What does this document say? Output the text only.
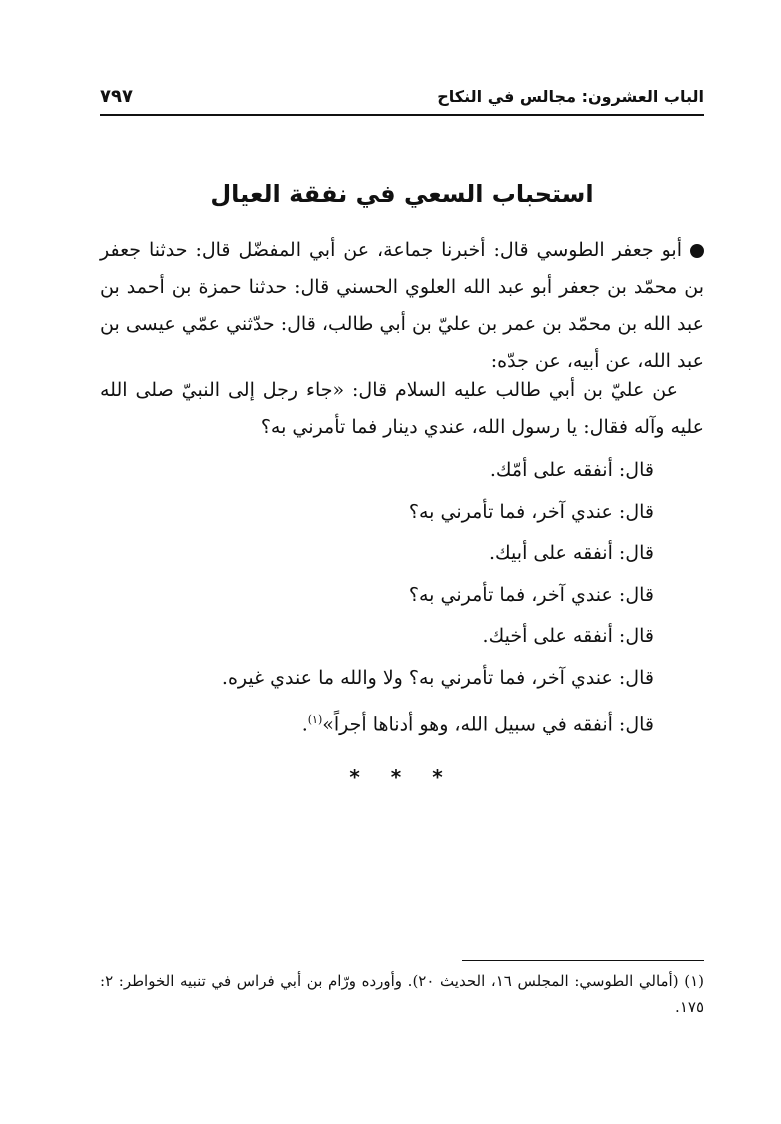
الباب العشرون: مجالس في النكاح
٧٩٧
استحباب السعي في نفقة العيال

أبو جعفر الطوسي قال: أخبرنا جماعة، عن أبي المفضّل قال: حدثنا جعفر بن محمّد بن جعفر أبو عبد الله العلوي الحسني قال: حدثنا حمزة بن أحمد بن عبد الله بن محمّد بن عمر بن عليّ بن أبي طالب، قال: حدّثني عمّي عيسى بن عبد الله، عن أبيه، عن جدّه:

عن عليّ بن أبي طالب عليه السلام قال: «جاء رجل إلى النبيّ صلى الله عليه وآله فقال: يا رسول الله، عندي دينار فما تأمرني به؟

قال: أنفقه على أمّك.
قال: عندي آخر، فما تأمرني به؟
قال: أنفقه على أبيك.
قال: عندي آخر، فما تأمرني به؟
قال: أنفقه على أخيك.
قال: عندي آخر، فما تأمرني به؟ ولا والله ما عندي غيره.
قال: أنفقه في سبيل الله، وهو أدناها أجراً»$^{(١)}$.
* * *
(١) (أمالي الطوسي: المجلس ١٦، الحديث ٢٠). وأورده ورّام بن أبي فراس في تنبيه الخواطر: ٢: ١٧٥.
